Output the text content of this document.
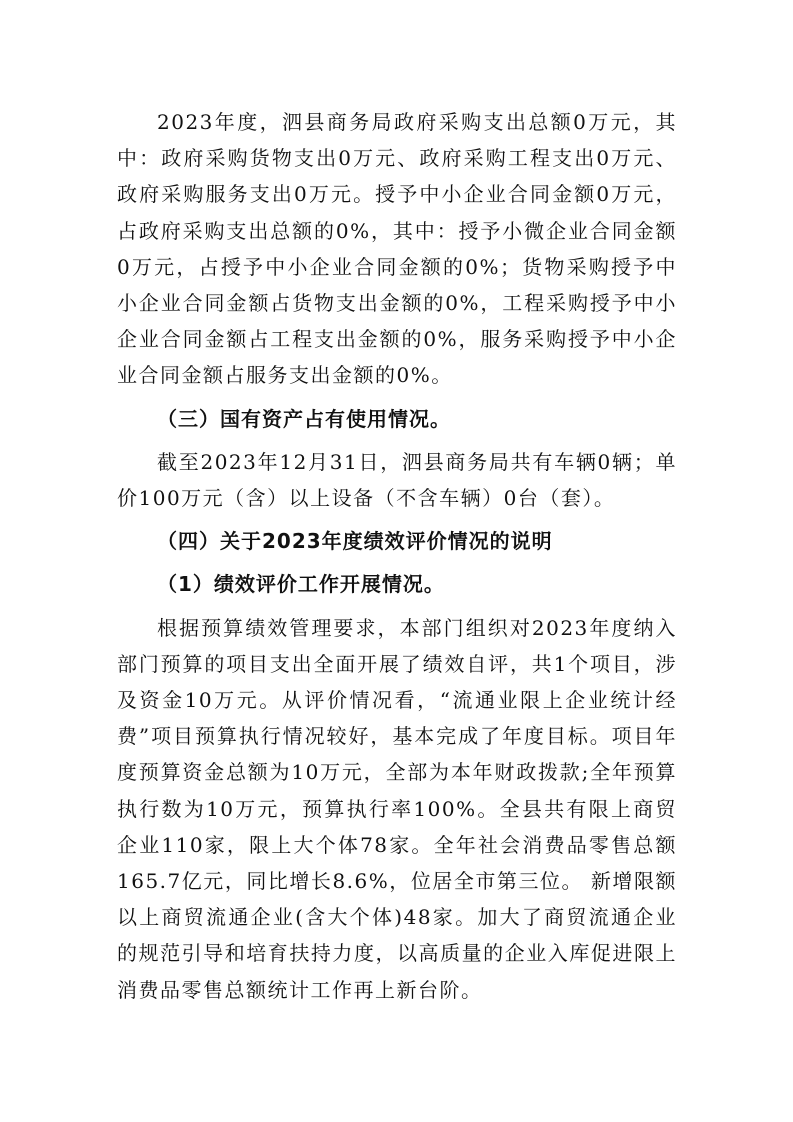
2023年度，泗县商务局政府采购支出总额0万元，其中：政府采购货物支出0万元、政府采购工程支出0万元、政府采购服务支出0万元。授予中小企业合同金额0万元，占政府采购支出总额的0%，其中：授予小微企业合同金额0万元，占授予中小企业合同金额的0%；货物采购授予中小企业合同金额占货物支出金额的0%，工程采购授予中小企业合同金额占工程支出金额的0%，服务采购授予中小企业合同金额占服务支出金额的0%。

（三）国有资产占有使用情况。

截至2023年12月31日，泗县商务局共有车辆0辆；单价100万元（含）以上设备（不含车辆）0台（套）。

（四）关于2023年度绩效评价情况的说明

（1）绩效评价工作开展情况。

根据预算绩效管理要求，本部门组织对2023年度纳入部门预算的项目支出全面开展了绩效自评，共1个项目，涉及资金10万元。从评价情况看，“流通业限上企业统计经费”项目预算执行情况较好，基本完成了年度目标。项目年度预算资金总额为10万元，全部为本年财政拨款;全年预算执行数为10万元，预算执行率100%。全县共有限上商贸企业110家，限上大个体78家。全年社会消费品零售总额165.7亿元，同比增长8.6%，位居全市第三位。 新增限额以上商贸流通企业(含大个体)48家。加大了商贸流通企业的规范引导和培育扶持力度，以高质量的企业入库促进限上消费品零售总额统计工作再上新台阶。
